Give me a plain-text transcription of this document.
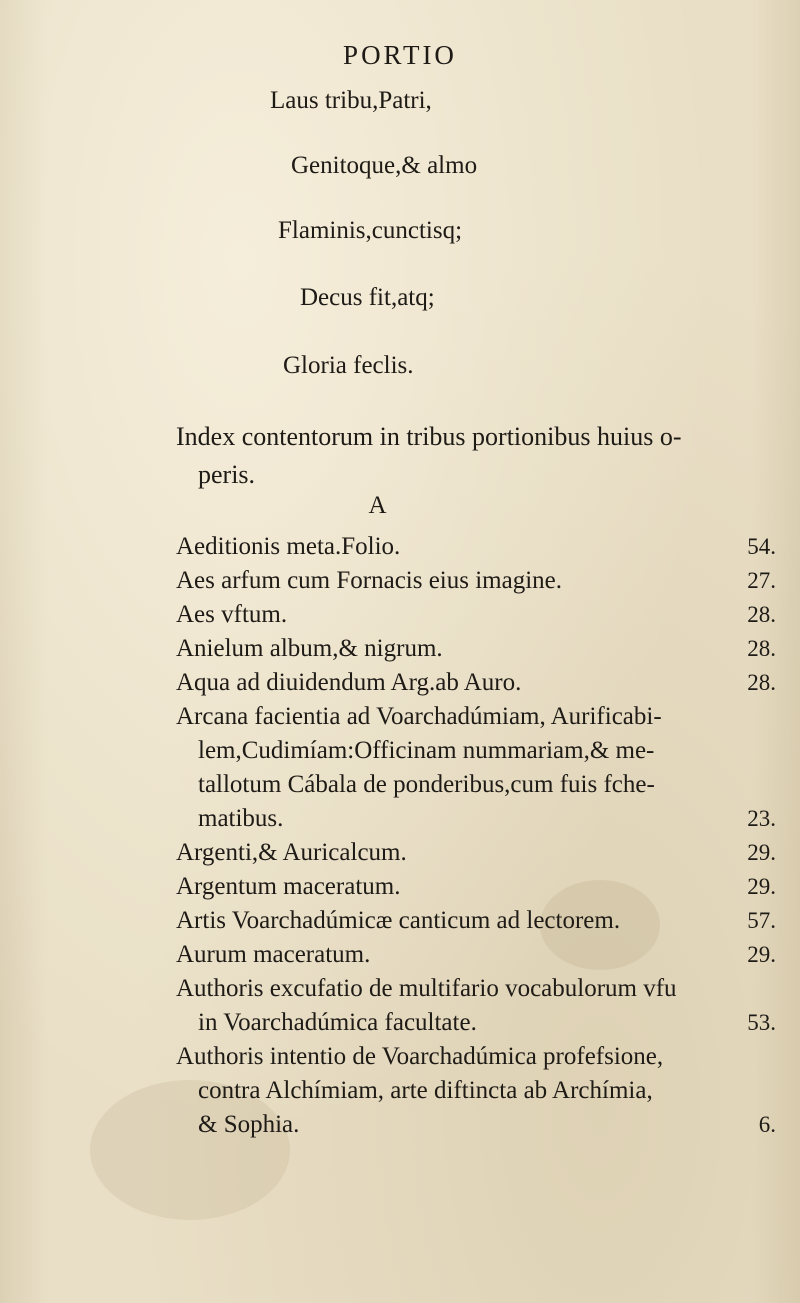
PORTIO
Laus tribu,Patri,
Genitoque,& almo
Flaminis,cunctisq;
Decus fit,atq;
Gloria feclis.
Index contentorum in tribus portionibus huius o-
peris.
A
Aeditionis meta.Folio.	54.
Aes arfum cum Fornacis eius imagine.	27.
Aes vftum.	28.
Anielum album,& nigrum.	28.
Aqua ad diuidendum Arg.ab Auro.	28.
Arcana facientia ad Voarchadúmiam, Aurificabi-
lem,Cudimíam:Officinam nummariam,& me-
tallotum Cábala de ponderibus,cum fuis fche-
matibus.	23.
Argenti,& Auricalcum.	29.
Argentum maceratum.	29.
Artis Voarchadúmicæ canticum ad lectorem.	57.
Aurum maceratum.	29.
Authoris excufatio de multifario vocabulorum vfu
in Voarchadúmica facultate.	53.
Authoris intentio de Voarchadúmica profefsione,
contra Alchímiam, arte diftincta ab Archímia,
& Sophia.	6.
